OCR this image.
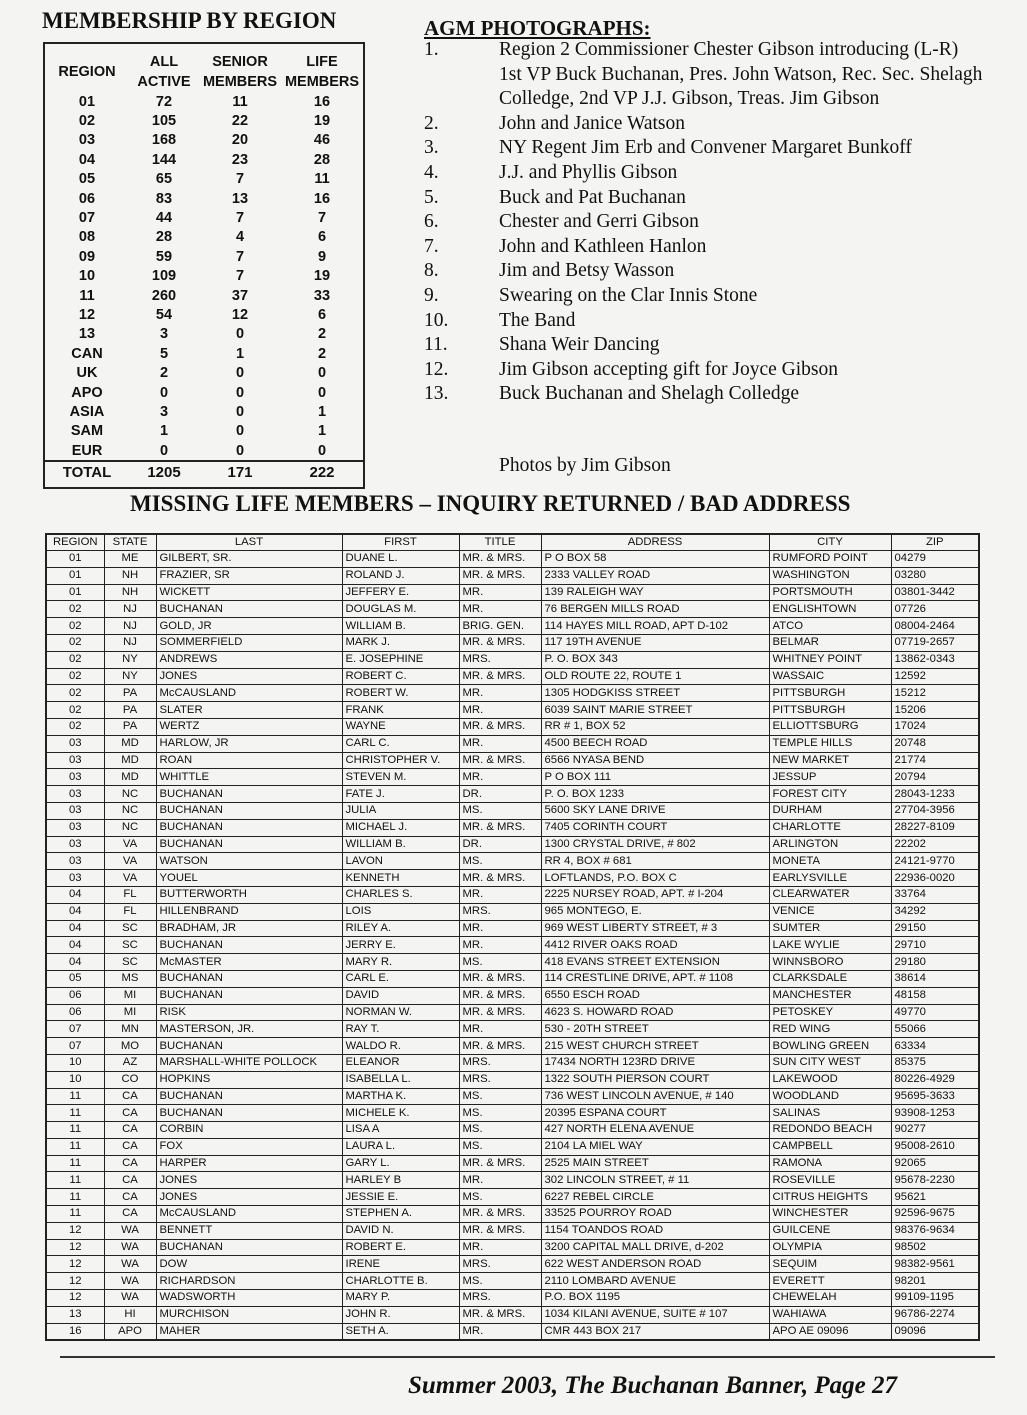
MEMBERSHIP BY REGION
REGION	ALL ACTIVE	SENIOR MEMBERS	LIFE MEMBERS
01	72	11	16
02	105	22	19
03	168	20	46
04	144	23	28
05	65	7	11
06	83	13	16
07	44	7	7
08	28	4	6
09	59	7	9
10	109	7	19
11	260	37	33
12	54	12	6
13	3	0	2
CAN	5	1	2
UK	2	0	0
APO	0	0	0
ASIA	3	0	1
SAM	1	0	1
EUR	0	0	0
TOTAL	1205	171	222
AGM PHOTOGRAPHS:
1.	Region 2 Commissioner Chester Gibson introducing (L-R) 1st VP Buck Buchanan, Pres. John Watson, Rec. Sec. Shelagh Colledge, 2nd VP J.J. Gibson, Treas. Jim Gibson
2.	John and Janice Watson
3.	NY Regent Jim Erb and Convener Margaret Bunkoff
4.	J.J. and Phyllis Gibson
5.	Buck and Pat Buchanan
6.	Chester and Gerri Gibson
7.	John and Kathleen Hanlon
8.	Jim and Betsy Wasson
9.	Swearing on the Clar Innis Stone
10.	The Band
11.	Shana Weir Dancing
12.	Jim Gibson accepting gift for Joyce Gibson
13.	Buck Buchanan and Shelagh Colledge
Photos by Jim Gibson
MISSING LIFE MEMBERS – INQUIRY RETURNED / BAD ADDRESS
REGION	STATE	LAST	FIRST	TITLE	ADDRESS	CITY	ZIP
01	ME	GILBERT, SR.	DUANE L.	MR. & MRS.	P O BOX 58	RUMFORD POINT	04279
01	NH	FRAZIER, SR	ROLAND J.	MR. & MRS.	2333 VALLEY ROAD	WASHINGTON	03280
01	NH	WICKETT	JEFFERY E.	MR.	139 RALEIGH WAY	PORTSMOUTH	03801-3442
02	NJ	BUCHANAN	DOUGLAS M.	MR.	76 BERGEN MILLS ROAD	ENGLISHTOWN	07726
02	NJ	GOLD, JR	WILLIAM B.	BRIG. GEN.	114 HAYES MILL ROAD, APT D-102	ATCO	08004-2464
02	NJ	SOMMERFIELD	MARK J.	MR. & MRS.	117 19TH AVENUE	BELMAR	07719-2657
02	NY	ANDREWS	E. JOSEPHINE	MRS.	P. O. BOX 343	WHITNEY POINT	13862-0343
02	NY	JONES	ROBERT C.	MR. & MRS.	OLD ROUTE 22, ROUTE 1	WASSAIC	12592
02	PA	McCAUSLAND	ROBERT W.	MR.	1305 HODGKISS STREET	PITTSBURGH	15212
02	PA	SLATER	FRANK	MR.	6039 SAINT MARIE STREET	PITTSBURGH	15206
02	PA	WERTZ	WAYNE	MR. & MRS.	RR # 1, BOX 52	ELLIOTTSBURG	17024
03	MD	HARLOW, JR	CARL C.	MR.	4500 BEECH ROAD	TEMPLE HILLS	20748
03	MD	ROAN	CHRISTOPHER V.	MR. & MRS.	6566 NYASA BEND	NEW MARKET	21774
03	MD	WHITTLE	STEVEN M.	MR.	P O BOX 111	JESSUP	20794
03	NC	BUCHANAN	FATE J.	DR.	P. O. BOX 1233	FOREST CITY	28043-1233
03	NC	BUCHANAN	JULIA	MS.	5600 SKY LANE DRIVE	DURHAM	27704-3956
03	NC	BUCHANAN	MICHAEL J.	MR. & MRS.	7405 CORINTH COURT	CHARLOTTE	28227-8109
03	VA	BUCHANAN	WILLIAM B.	DR.	1300 CRYSTAL DRIVE, # 802	ARLINGTON	22202
03	VA	WATSON	LAVON	MS.	RR 4, BOX # 681	MONETA	24121-9770
03	VA	YOUEL	KENNETH	MR. & MRS.	LOFTLANDS, P.O. BOX C	EARLYSVILLE	22936-0020
04	FL	BUTTERWORTH	CHARLES S.	MR.	2225 NURSEY ROAD, APT. # I-204	CLEARWATER	33764
04	FL	HILLENBRAND	LOIS	MRS.	965 MONTEGO, E.	VENICE	34292
04	SC	BRADHAM, JR	RILEY A.	MR.	969 WEST LIBERTY STREET, # 3	SUMTER	29150
04	SC	BUCHANAN	JERRY E.	MR.	4412 RIVER OAKS ROAD	LAKE WYLIE	29710
04	SC	McMASTER	MARY R.	MS.	418 EVANS STREET EXTENSION	WINNSBORO	29180
05	MS	BUCHANAN	CARL E.	MR. & MRS.	114 CRESTLINE DRIVE, APT. # 1108	CLARKSDALE	38614
06	MI	BUCHANAN	DAVID	MR. & MRS.	6550 ESCH ROAD	MANCHESTER	48158
06	MI	RISK	NORMAN W.	MR. & MRS.	4623 S. HOWARD ROAD	PETOSKEY	49770
07	MN	MASTERSON, JR.	RAY T.	MR.	530 - 20TH STREET	RED WING	55066
07	MO	BUCHANAN	WALDO R.	MR. & MRS.	215 WEST CHURCH STREET	BOWLING GREEN	63334
10	AZ	MARSHALL-WHITE POLLOCK	ELEANOR	MRS.	17434 NORTH 123RD DRIVE	SUN CITY WEST	85375
10	CO	HOPKINS	ISABELLA L.	MRS.	1322 SOUTH PIERSON COURT	LAKEWOOD	80226-4929
11	CA	BUCHANAN	MARTHA K.	MS.	736 WEST LINCOLN AVENUE, # 140	WOODLAND	95695-3633
11	CA	BUCHANAN	MICHELE K.	MS.	20395 ESPANA COURT	SALINAS	93908-1253
11	CA	CORBIN	LISA A	MS.	427 NORTH ELENA AVENUE	REDONDO BEACH	90277
11	CA	FOX	LAURA L.	MS.	2104 LA MIEL WAY	CAMPBELL	95008-2610
11	CA	HARPER	GARY L.	MR. & MRS.	2525 MAIN STREET	RAMONA	92065
11	CA	JONES	HARLEY B	MR.	302 LINCOLN STREET, # 11	ROSEVILLE	95678-2230
11	CA	JONES	JESSIE E.	MS.	6227 REBEL CIRCLE	CITRUS HEIGHTS	95621
11	CA	McCAUSLAND	STEPHEN A.	MR. & MRS.	33525 POURROY ROAD	WINCHESTER	92596-9675
12	WA	BENNETT	DAVID N.	MR. & MRS.	1154 TOANDOS ROAD	GUILCENE	98376-9634
12	WA	BUCHANAN	ROBERT E.	MR.	3200 CAPITAL MALL DRIVE, d-202	OLYMPIA	98502
12	WA	DOW	IRENE	MRS.	622 WEST ANDERSON ROAD	SEQUIM	98382-9561
12	WA	RICHARDSON	CHARLOTTE B.	MS.	2110 LOMBARD AVENUE	EVERETT	98201
12	WA	WADSWORTH	MARY P.	MRS.	P.O. BOX 1195	CHEWELAH	99109-1195
13	HI	MURCHISON	JOHN R.	MR. & MRS.	1034 KILANI AVENUE, SUITE # 107	WAHIAWA	96786-2274
16	APO	MAHER	SETH A.	MR.	CMR 443 BOX 217	APO AE 09096	09096
Summer 2003, The Buchanan Banner, Page 27
